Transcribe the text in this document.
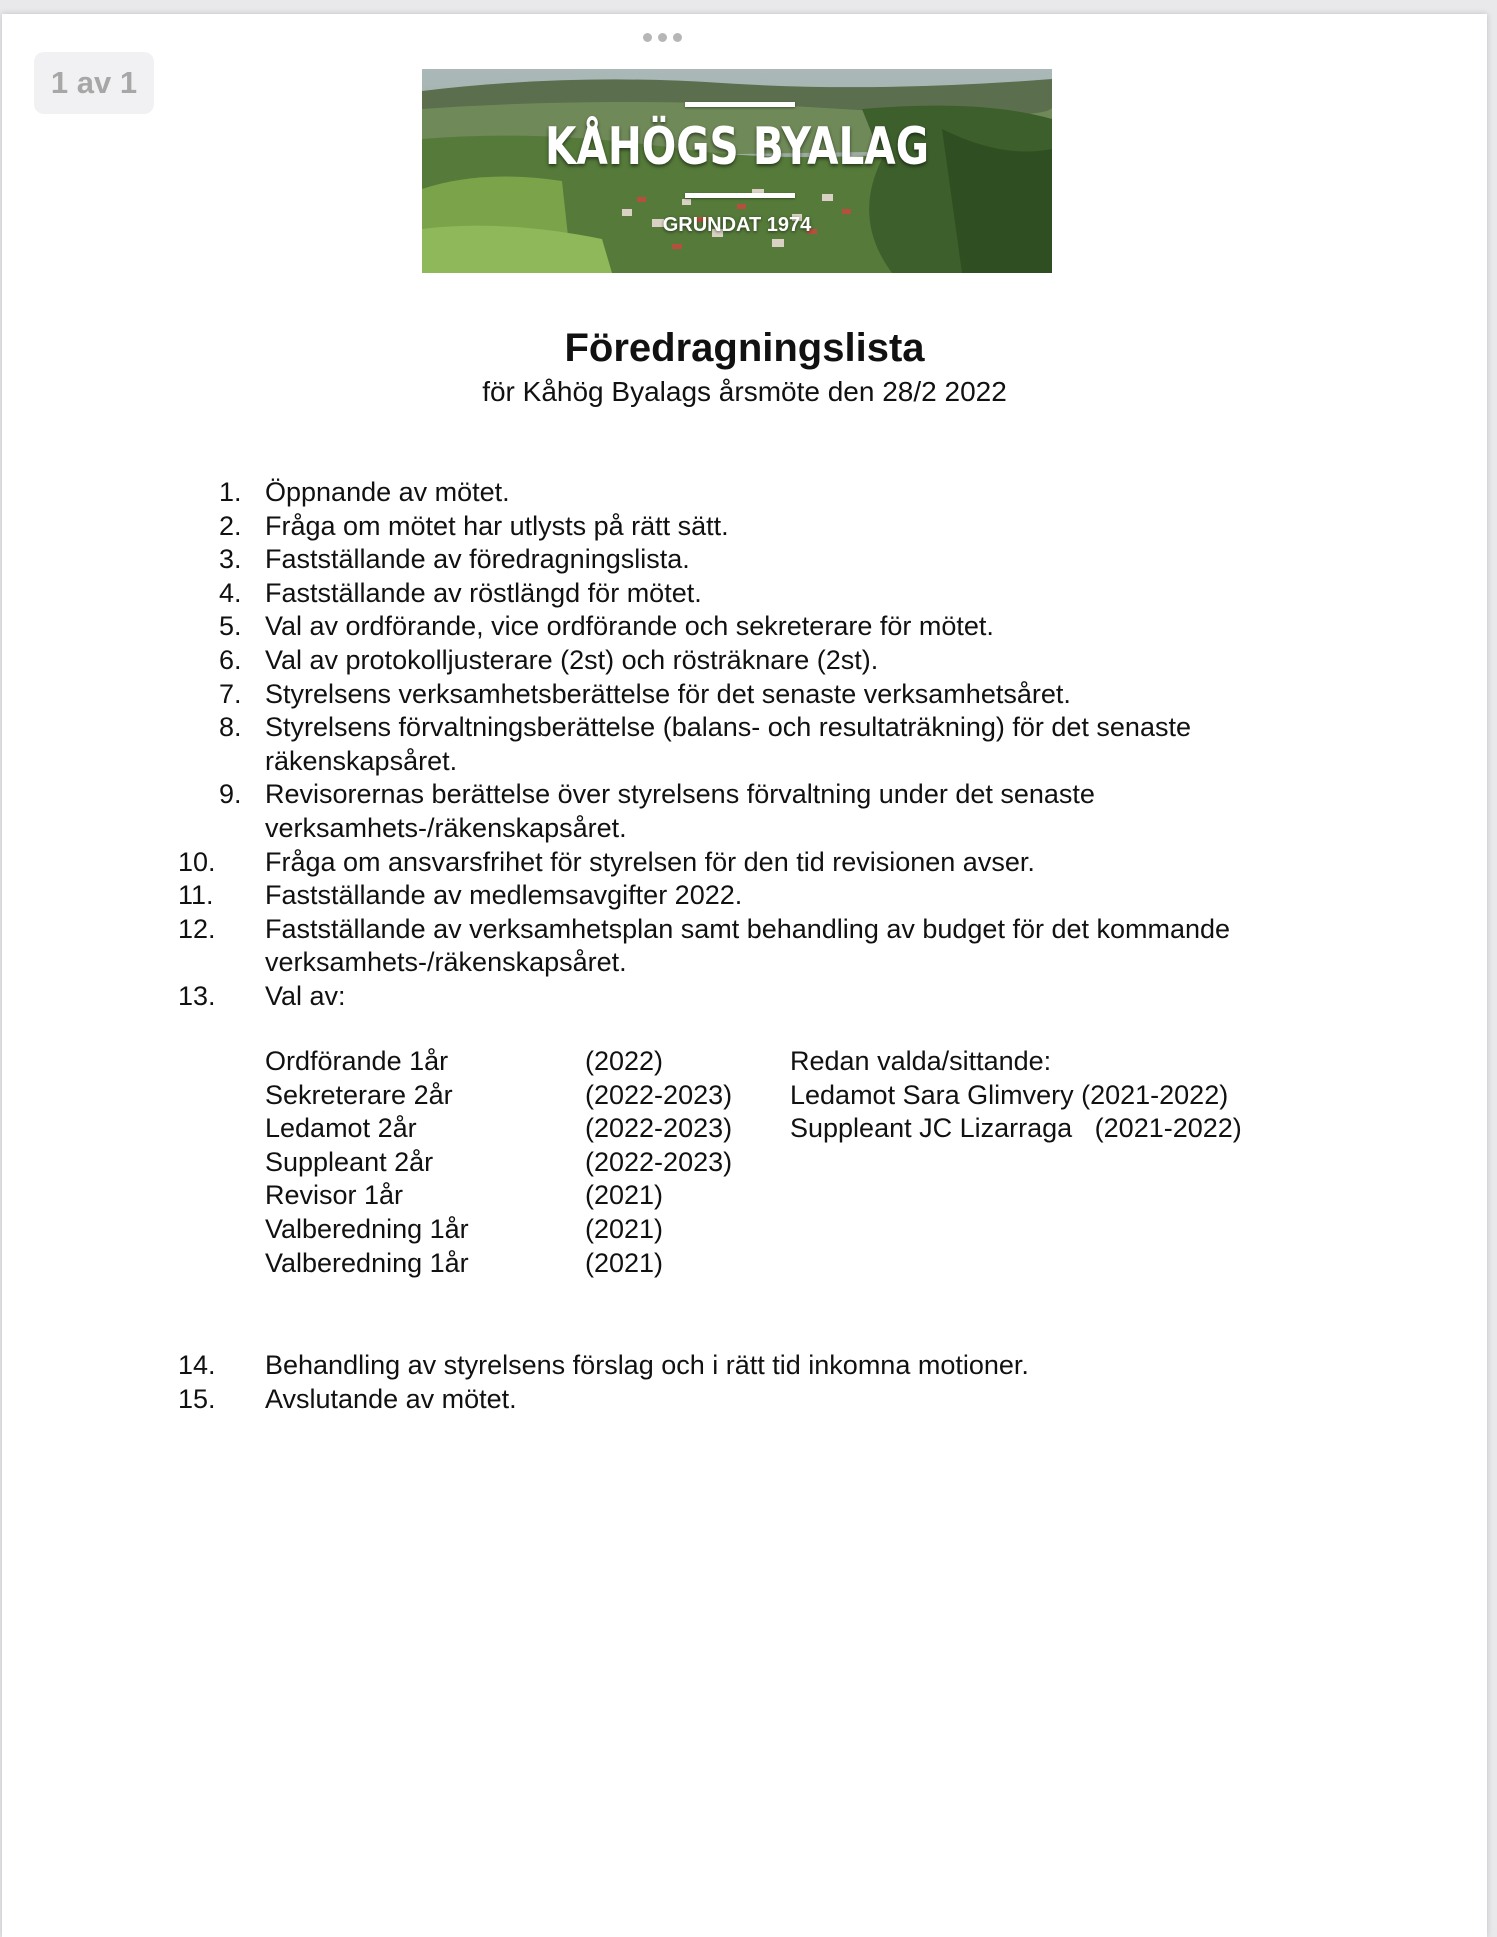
1 av 1
KÅHÖGS BYALAG
GRUNDAT 1974
Föredragningslista
för Kåhög Byalags årsmöte den 28/2 2022
1. Öppnande av mötet.
2. Fråga om mötet har utlysts på rätt sätt.
3. Fastställande av föredragningslista.
4. Fastställande av röstlängd för mötet.
5. Val av ordförande, vice ordförande och sekreterare för mötet.
6. Val av protokolljusterare (2st) och rösträknare (2st).
7. Styrelsens verksamhetsberättelse för det senaste verksamhetsåret.
8. Styrelsens förvaltningsberättelse (balans- och resultaträkning) för det senaste
räkenskapsåret.
9. Revisorernas berättelse över styrelsens förvaltning under det senaste
verksamhets-/räkenskapsåret.
10. Fråga om ansvarsfrihet för styrelsen för den tid revisionen avser.
11. Fastställande av medlemsavgifter 2022.
12. Fastställande av verksamhetsplan samt behandling av budget för det kommande
verksamhets-/räkenskapsåret.
13. Val av:
Ordförande 1år	(2022)	Redan valda/sittande:
Sekreterare 2år	(2022-2023) Ledamot Sara Glimvery (2021-2022)
Ledamot 2år	(2022-2023) Suppleant JC Lizarraga   (2021-2022)
Suppleant 2år	(2022-2023)
Revisor 1år	(2021)
Valberedning 1år	(2021)
Valberedning 1år	(2021)
14. Behandling av styrelsens förslag och i rätt tid inkomna motioner.
15. Avslutande av mötet.
